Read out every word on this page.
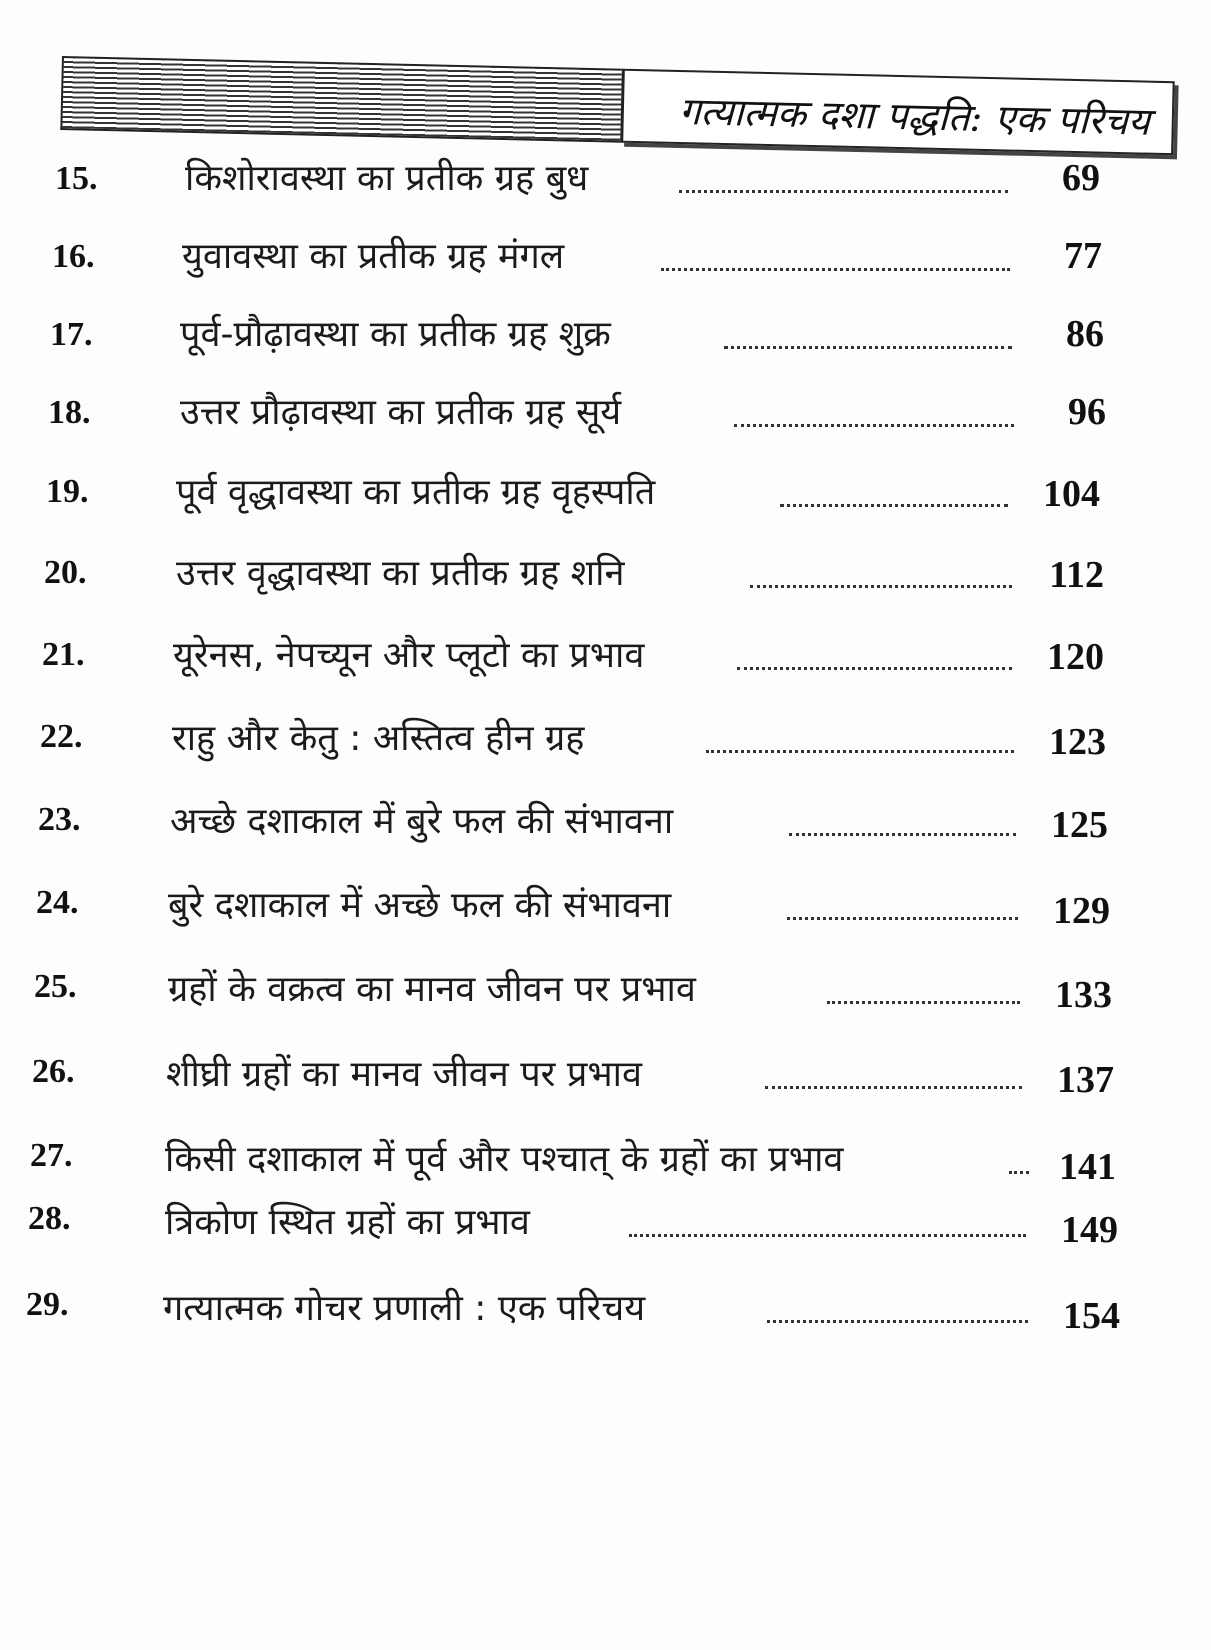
गत्यात्मक दशा पद्धति: एक परिचय
15.	किशोरावस्था का प्रतीक ग्रह बुध	69
16.	युवावस्था का प्रतीक ग्रह मंगल	77
17.	पूर्व-प्रौढ़ावस्था का प्रतीक ग्रह शुक्र	86
18.	उत्तर प्रौढ़ावस्था का प्रतीक ग्रह सूर्य	96
19.	पूर्व वृद्धावस्था का प्रतीक ग्रह वृहस्पति	104
20.	उत्तर वृद्धावस्था का प्रतीक ग्रह शनि	112
21.	यूरेनस, नेपच्यून और प्लूटो का प्रभाव	120
22.	राहु और केतु : अस्तित्व हीन ग्रह	123
23.	अच्छे दशाकाल में बुरे फल की संभावना	125
24.	बुरे दशाकाल में अच्छे फल की संभावना	129
25.	ग्रहों के वक्रत्व का मानव जीवन पर प्रभाव	133
26.	शीघ्री ग्रहों का मानव जीवन पर प्रभाव	137
27.	किसी दशाकाल में पूर्व और पश्चात् के ग्रहों का प्रभाव	141
28.	त्रिकोण स्थित ग्रहों का प्रभाव	149
29.	गत्यात्मक गोचर प्रणाली : एक परिचय	154
